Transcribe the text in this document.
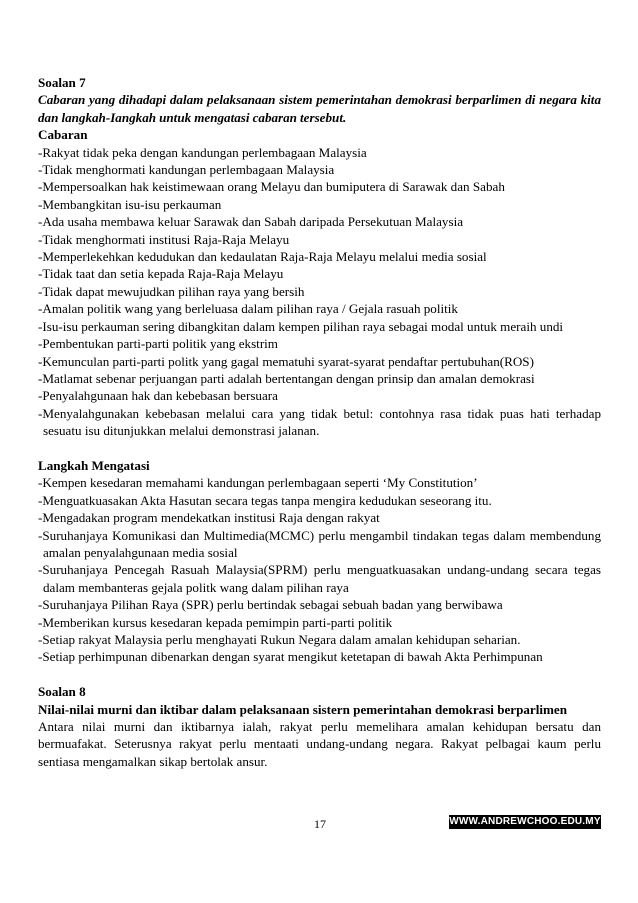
Soalan 7
Cabaran yang dihadapi dalam pelaksanaan sistem pemerintahan demokrasi berparlimen di negara kita dan langkah-Iangkah untuk mengatasi cabaran tersebut.
Cabaran
-Rakyat tidak peka dengan kandungan perlembagaan Malaysia
-Tidak menghormati kandungan perlembagaan Malaysia
-Mempersoalkan hak keistimewaan orang Melayu dan bumiputera di Sarawak dan Sabah
-Membangkitan isu-isu perkauman
-Ada usaha membawa keluar Sarawak dan Sabah daripada Persekutuan Malaysia
-Tidak menghormati institusi Raja-Raja Melayu
-Memperlekehkan kedudukan dan kedaulatan Raja-Raja Melayu melalui media sosial
-Tidak taat dan setia kepada Raja-Raja Melayu
-Tidak dapat mewujudkan pilihan raya yang bersih
-Amalan politik wang yang berleluasa dalam pilihan raya / Gejala rasuah politik
-Isu-isu perkauman sering dibangkitan dalam kempen pilihan raya sebagai modal untuk meraih undi
-Pembentukan parti-parti politik yang ekstrim
-Kemunculan parti-parti politk yang gagal mematuhi syarat-syarat pendaftar pertubuhan(ROS)
-Matlamat sebenar perjuangan parti adalah bertentangan dengan prinsip dan amalan demokrasi
-Penyalahgunaan hak dan kebebasan bersuara
-Menyalahgunakan kebebasan melalui cara yang tidak betul: contohnya rasa tidak puas hati terhadap sesuatu isu ditunjukkan melalui demonstrasi jalanan.
Langkah Mengatasi
-Kempen kesedaran memahami kandungan perlembagaan seperti ‘My Constitution’
-Menguatkuasakan Akta Hasutan secara tegas tanpa mengira kedudukan seseorang itu.
-Mengadakan program mendekatkan institusi Raja dengan rakyat
-Suruhanjaya Komunikasi dan Multimedia(MCMC) perlu mengambil tindakan tegas dalam membendung amalan penyalahgunaan media sosial
-Suruhanjaya Pencegah Rasuah Malaysia(SPRM) perlu menguatkuasakan undang-undang secara tegas dalam membanteras gejala politk wang dalam pilihan raya
-Suruhanjaya Pilihan Raya (SPR) perlu bertindak sebagai sebuah badan yang berwibawa
-Memberikan kursus kesedaran kepada pemimpin parti-parti politik
-Setiap rakyat Malaysia perlu menghayati Rukun Negara dalam amalan kehidupan seharian.
-Setiap perhimpunan dibenarkan dengan syarat mengikut ketetapan di bawah Akta Perhimpunan
Soalan 8
Nilai-nilai murni dan iktibar dalam pelaksanaan sistern pemerintahan demokrasi berparlimen
Antara nilai murni dan iktibarnya ialah, rakyat perlu memelihara amalan kehidupan bersatu dan bermuafakat. Seterusnya rakyat perlu mentaati undang-undang negara. Rakyat pelbagai kaum perlu sentiasa mengamalkan sikap bertolak ansur.
17	WWW.ANDREWCHOO.EDU.MY
